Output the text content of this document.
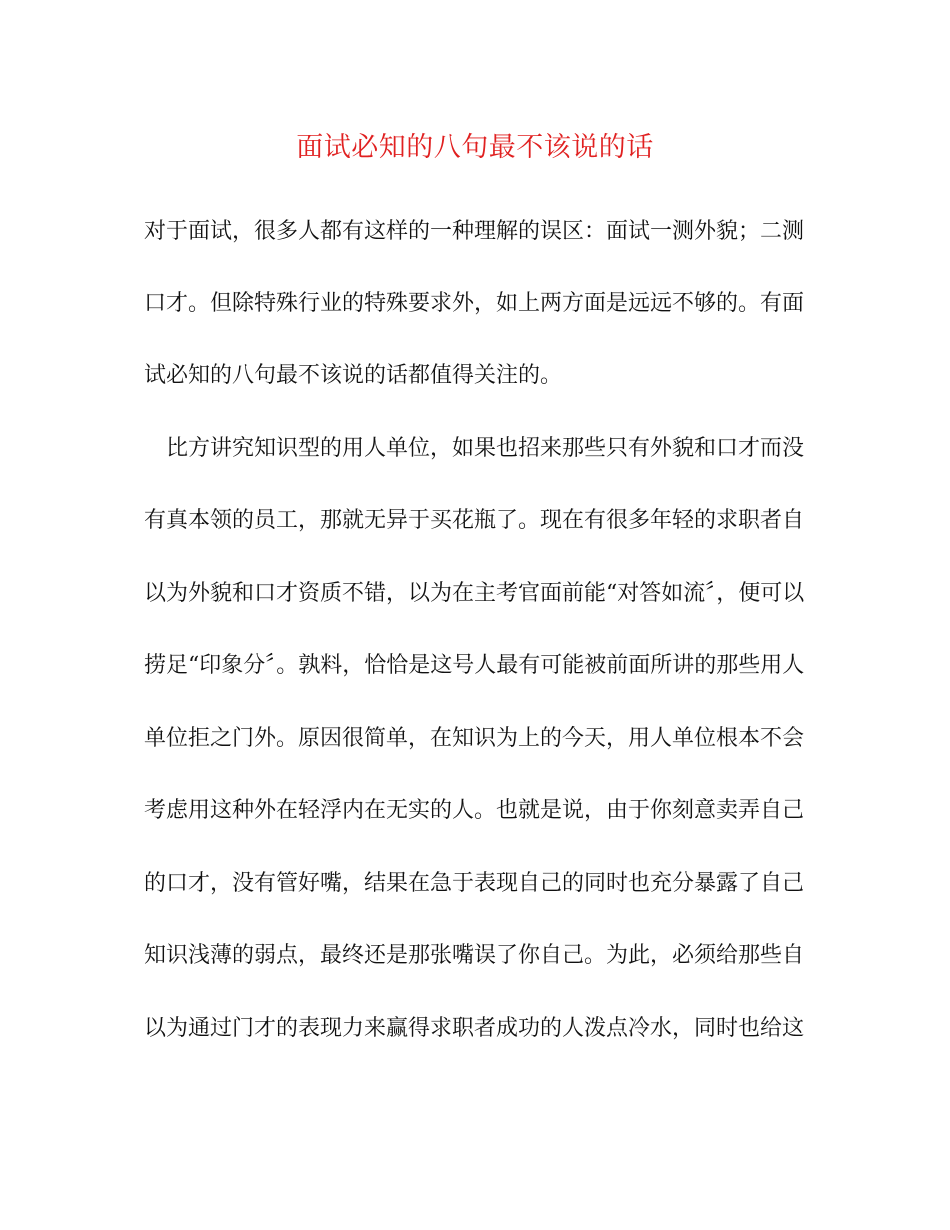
面试必知的八句最不该说的话
对于面试，很多人都有这样的一种理解的误区：面试一测外貌；二测
口才。但除特殊行业的特殊要求外，如上两方面是远远不够的。有面
试必知的八句最不该说的话都值得关注的。
　比方讲究知识型的用人单位，如果也招来那些只有外貌和口才而没
有真本领的员工，那就无异于买花瓶了。现在有很多年轻的求职者自
以为外貌和口才资质不错，以为在主考官面前能“对答如流〞，便可以
捞足“印象分〞。孰料，恰恰是这号人最有可能被前面所讲的那些用人
单位拒之门外。原因很简单，在知识为上的今天，用人单位根本不会
考虑用这种外在轻浮内在无实的人。也就是说，由于你刻意卖弄自己
的口才，没有管好嘴，结果在急于表现自己的同时也充分暴露了自己
知识浅薄的弱点，最终还是那张嘴误了你自己。为此，必须给那些自
以为通过门才的表现力来赢得求职者成功的人泼点冷水，同时也给这
